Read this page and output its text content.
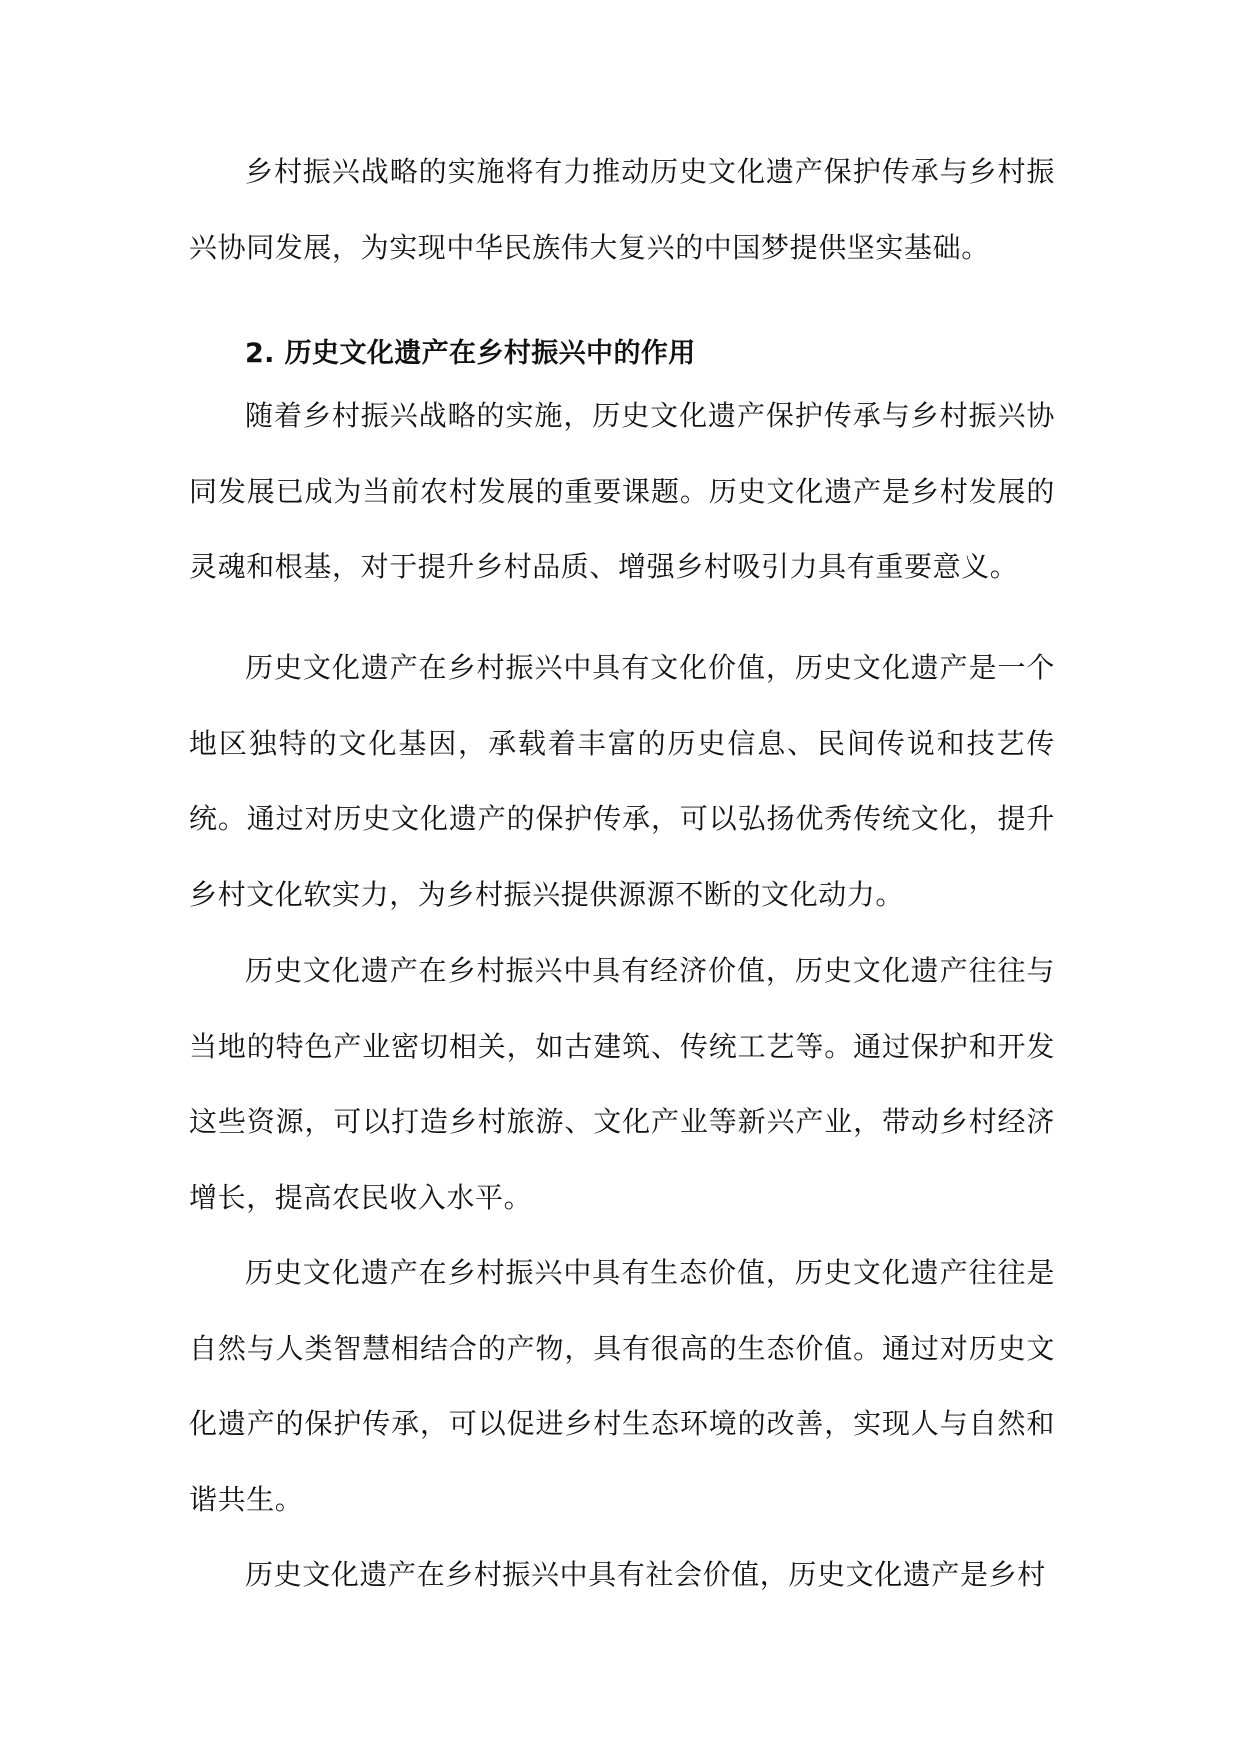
乡村振兴战略的实施将有力推动历史文化遗产保护传承与乡村振兴协同发展，为实现中华民族伟大复兴的中国梦提供坚实基础。

2. 历史文化遗产在乡村振兴中的作用

随着乡村振兴战略的实施，历史文化遗产保护传承与乡村振兴协同发展已成为当前农村发展的重要课题。历史文化遗产是乡村发展的灵魂和根基，对于提升乡村品质、增强乡村吸引力具有重要意义。

历史文化遗产在乡村振兴中具有文化价值，历史文化遗产是一个地区独特的文化基因，承载着丰富的历史信息、民间传说和技艺传统。通过对历史文化遗产的保护传承，可以弘扬优秀传统文化，提升乡村文化软实力，为乡村振兴提供源源不断的文化动力。

历史文化遗产在乡村振兴中具有经济价值，历史文化遗产往往与当地的特色产业密切相关，如古建筑、传统工艺等。通过保护和开发这些资源，可以打造乡村旅游、文化产业等新兴产业，带动乡村经济增长，提高农民收入水平。

历史文化遗产在乡村振兴中具有生态价值，历史文化遗产往往是自然与人类智慧相结合的产物，具有很高的生态价值。通过对历史文化遗产的保护传承，可以促进乡村生态环境的改善，实现人与自然和谐共生。

历史文化遗产在乡村振兴中具有社会价值，历史文化遗产是乡村
